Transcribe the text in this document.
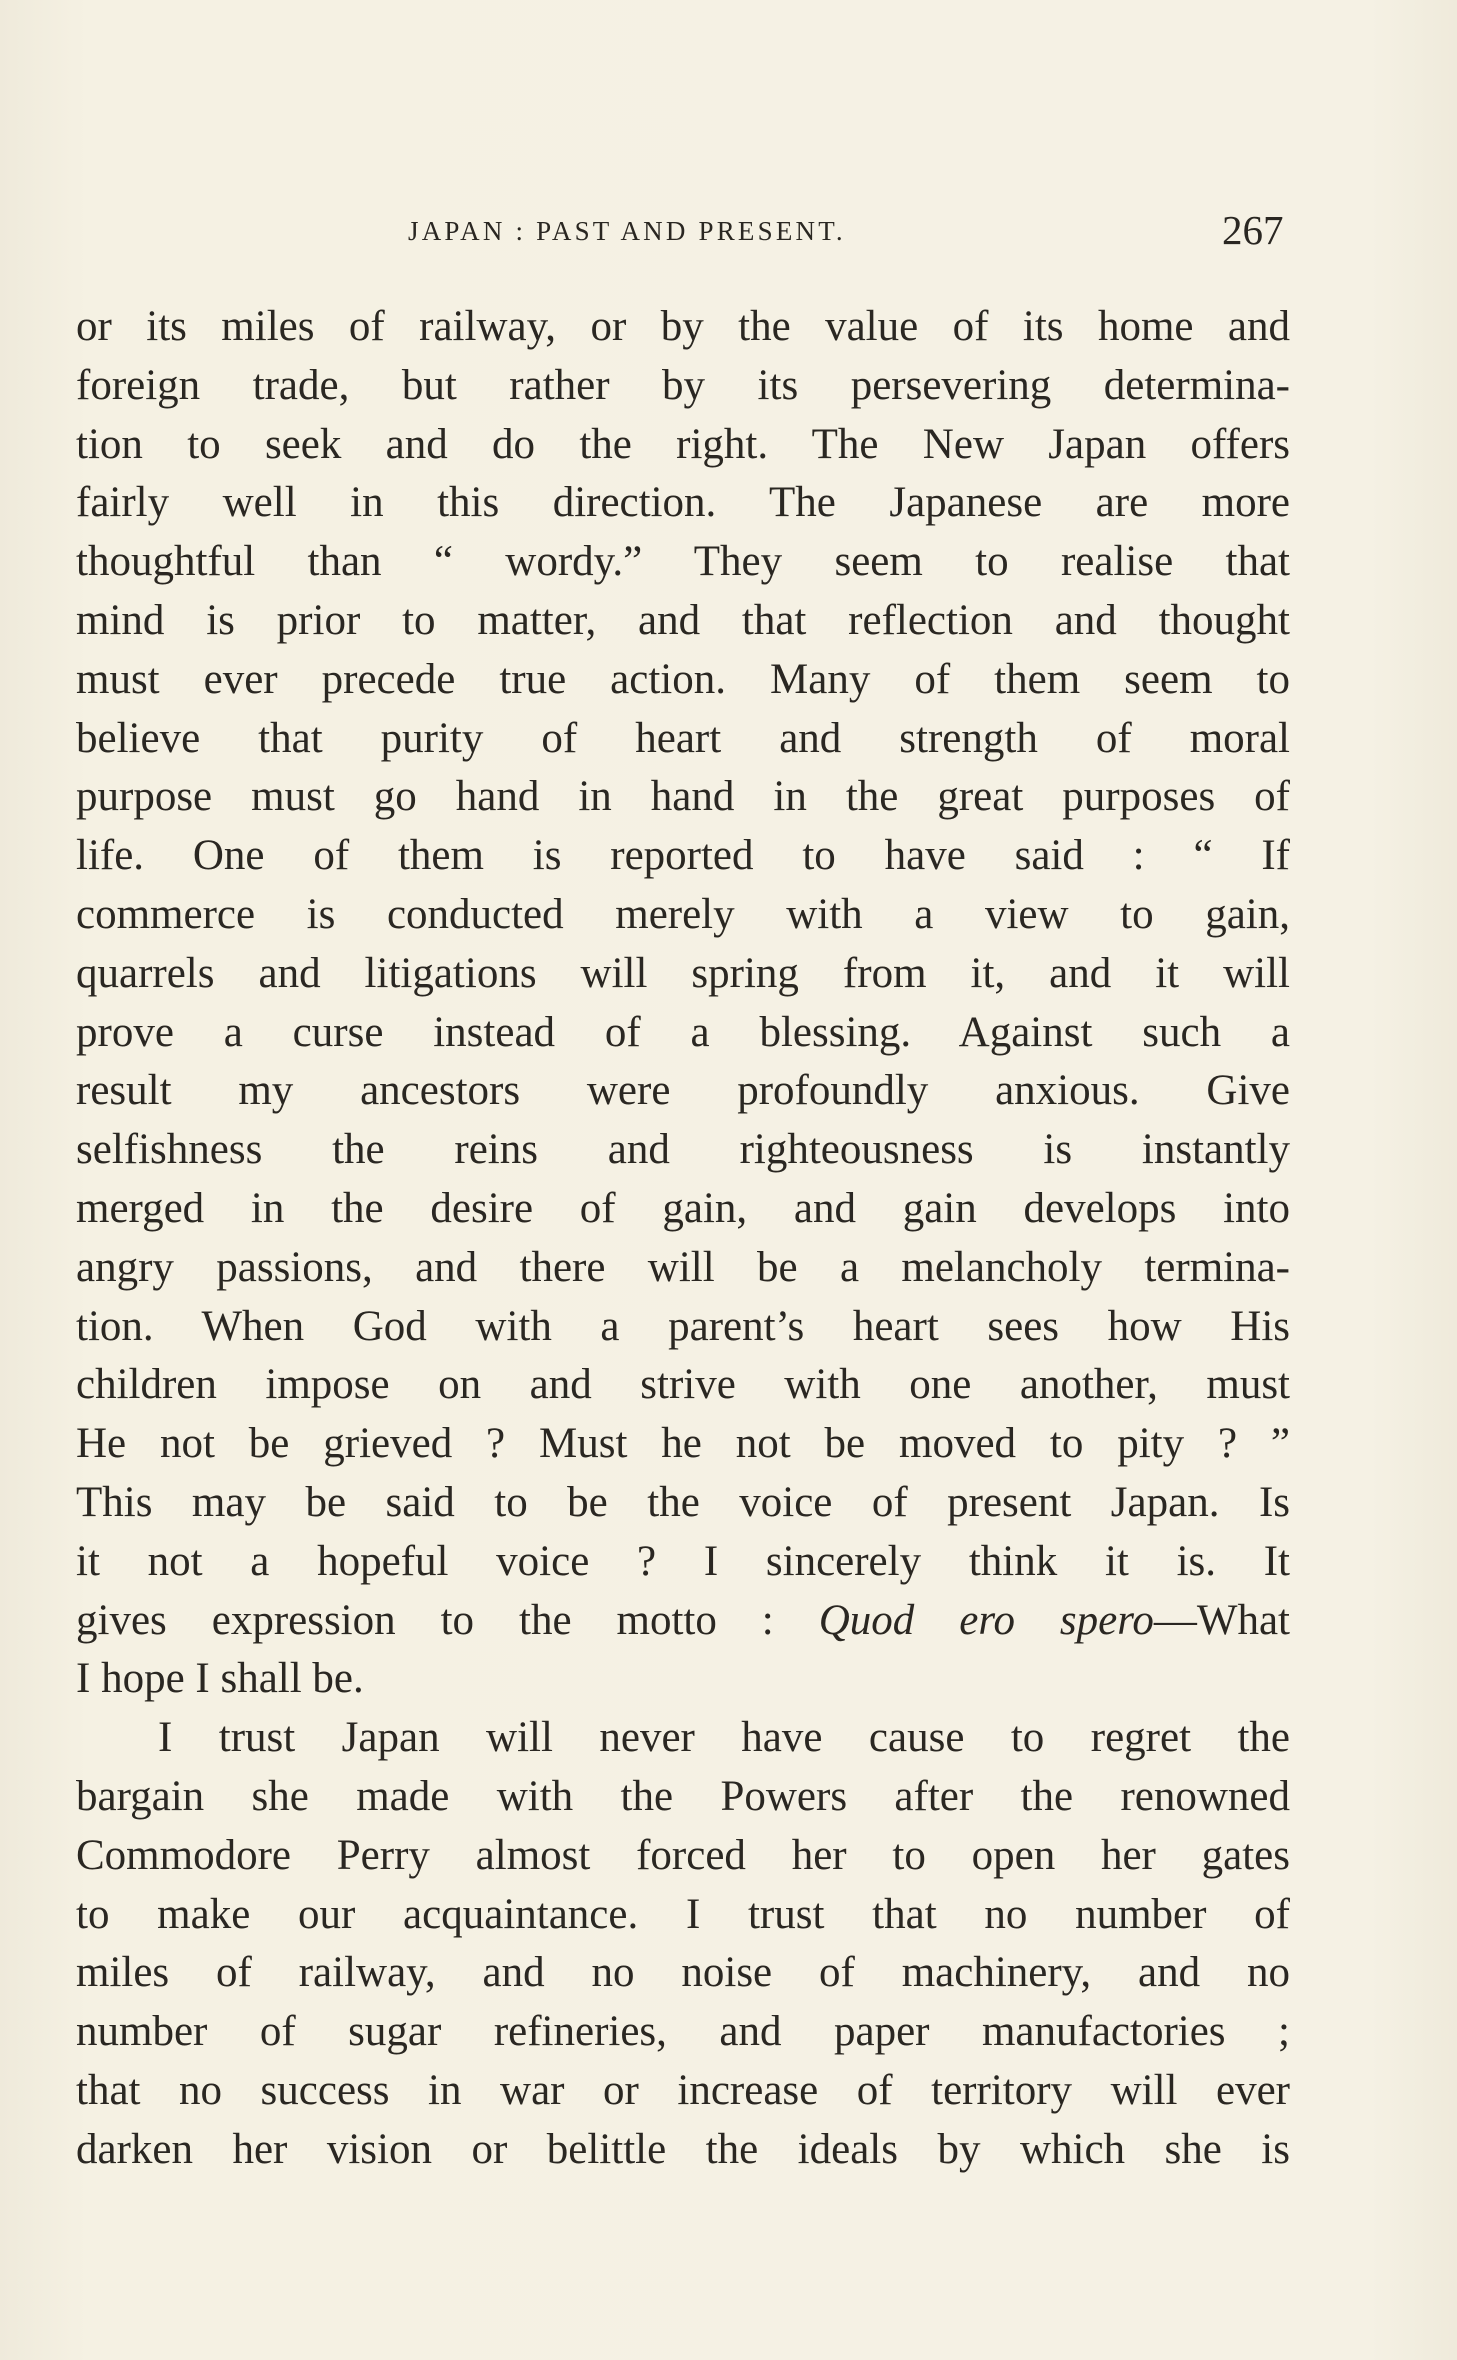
JAPAN : PAST AND PRESENT.	267
or its miles of railway, or by the value of its home and
foreign trade, but rather by its persevering determina-
tion to seek and do the right. The New Japan offers
fairly well in this direction. The Japanese are more
thoughtful than “ wordy.” They seem to realise that
mind is prior to matter, and that reflection and thought
must ever precede true action. Many of them seem to
believe that purity of heart and strength of moral
purpose must go hand in hand in the great purposes of
life. One of them is reported to have said : “ If
commerce is conducted merely with a view to gain,
quarrels and litigations will spring from it, and it will
prove a curse instead of a blessing. Against such a
result my ancestors were profoundly anxious. Give
selfishness the reins and righteousness is instantly
merged in the desire of gain, and gain develops into
angry passions, and there will be a melancholy termina-
tion. When God with a parent’s heart sees how His
children impose on and strive with one another, must
He not be grieved ? Must he not be moved to pity ? ”
This may be said to be the voice of present Japan. Is
it not a hopeful voice ? I sincerely think it is. It
gives expression to the motto : Quod ero spero—What
I hope I shall be.
I trust Japan will never have cause to regret the
bargain she made with the Powers after the renowned
Commodore Perry almost forced her to open her gates
to make our acquaintance. I trust that no number of
miles of railway, and no noise of machinery, and no
number of sugar refineries, and paper manufactories ;
that no success in war or increase of territory will ever
darken her vision or belittle the ideals by which she is
